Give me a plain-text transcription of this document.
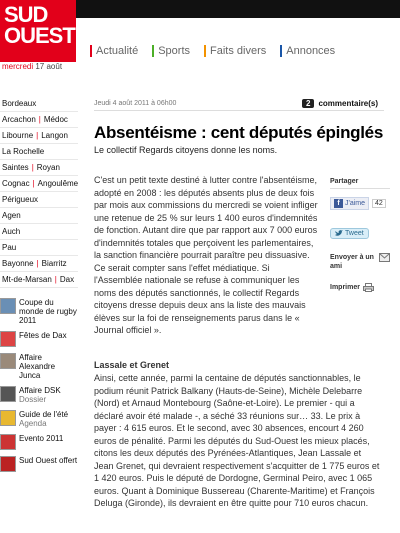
SUD
OUEST
mercredi 17 août
Actualité Sports Faits divers Annonces
Bordeaux
Arcachon | Médoc
Libourne | Langon
La Rochelle
Saintes | Royan
Cognac | Angoulême
Périgueux
Agen
Auch
Pau
Bayonne | Biarritz
Mt-de-Marsan | Dax
Coupe du monde de rugby 2011
Fêtes de Dax
Affaire Alexandre Junca
Affaire DSK
Dossier
Guide de l'été
Agenda
Evento 2011
Sud Ouest offert
Jeudi 4 août 2011 à 06h00	2	commentaire(s)
Absentéisme : cent députés épinglés
Le collectif Regards citoyens donne les noms.

C'est un petit texte destiné à lutter contre l'absentéisme, adopté en 2008 : les députés absents plus de deux fois par mois aux commissions du mercredi se voient infliger une retenue de 25 % sur leurs 1 400 euros d'indemnités de fonction. Autant dire que par rapport aux 7 000 euros d'indemnités totales que perçoivent les parlementaires, la sanction financière pourrait paraître peu dissuasive. Ce serait compter sans l'effet médiatique. Si l'Assemblée nationale se refuse à communiquer les noms des députés sanctionnés, le collectif Regards citoyens dresse depuis deux ans la liste des mauvais élèves sur la foi de renseignements parus dans le « Journal officiel ».

Lassale et Grenet

Ainsi, cette année, parmi la centaine de députés sanctionnables, le podium réunit Patrick Balkany (Hauts-de-Seine), Michèle Delebarre (Nord) et Arnaud Montebourg (Saône-et-Loire). Le premier - qui a déclaré avoir été malade -, a séché 33 réunions sur… 33. Le prix à payer : 4 615 euros. Et le second, avec 30 absences, encourt 4 260 euros de pénalité. Parmi les députés du Sud-Ouest les mieux placés, citons les deux députés des Pyrénées-Atlantiques, Jean Lassale et Jean Grenet, qui devraient respectivement s'acquitter de 1 775 euros et 1 420 euros. Puis le député de Dordogne, Germinal Peiro, avec 1 065 euros. Quant à Dominique Bussereau (Charente-Maritime) et François Deluga (Gironde), ils devraient en être quitte pour 710 euros chacun.

Partager
f J'aime	42
Tweet
Envoyer à un ami
Imprimer
